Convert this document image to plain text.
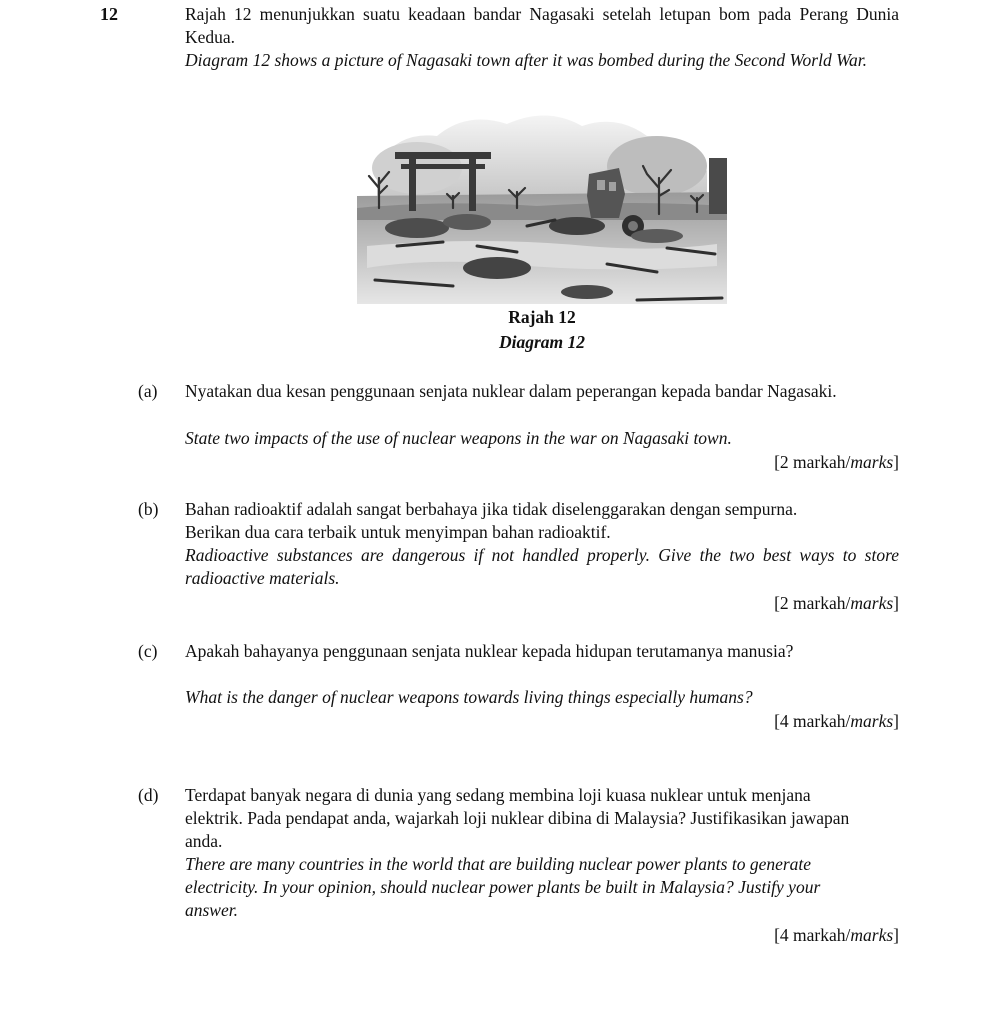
12	Rajah 12 menunjukkan suatu keadaan bandar Nagasaki setelah letupan bom pada Perang Dunia Kedua.
Diagram 12 shows a picture of Nagasaki town after it was bombed during the Second World War.
Rajah 12
Diagram 12
(a)	Nyatakan dua kesan penggunaan senjata nuklear dalam peperangan kepada bandar Nagasaki.
State two impacts of the use of nuclear weapons in the war on Nagasaki town.
[2 markah/marks]
(b)	Bahan radioaktif adalah sangat berbahaya jika tidak diselenggarakan dengan sempurna. Berikan dua cara terbaik untuk menyimpan bahan radioaktif.
Radioactive substances are dangerous if not handled properly. Give the two best ways to store radioactive materials.
[2 markah/marks]
(c)	Apakah bahayanya penggunaan senjata nuklear kepada hidupan terutamanya manusia?
What is the danger of nuclear weapons towards living things especially humans?
[4 markah/marks]
(d)	Terdapat banyak negara di dunia yang sedang membina loji kuasa nuklear untuk menjana elektrik. Pada pendapat anda, wajarkah loji nuklear dibina di Malaysia? Justifikasikan jawapan anda.
There are many countries in the world that are building nuclear power plants to generate electricity. In your opinion, should nuclear power plants be built in Malaysia? Justify your answer.
[4 markah/marks]
